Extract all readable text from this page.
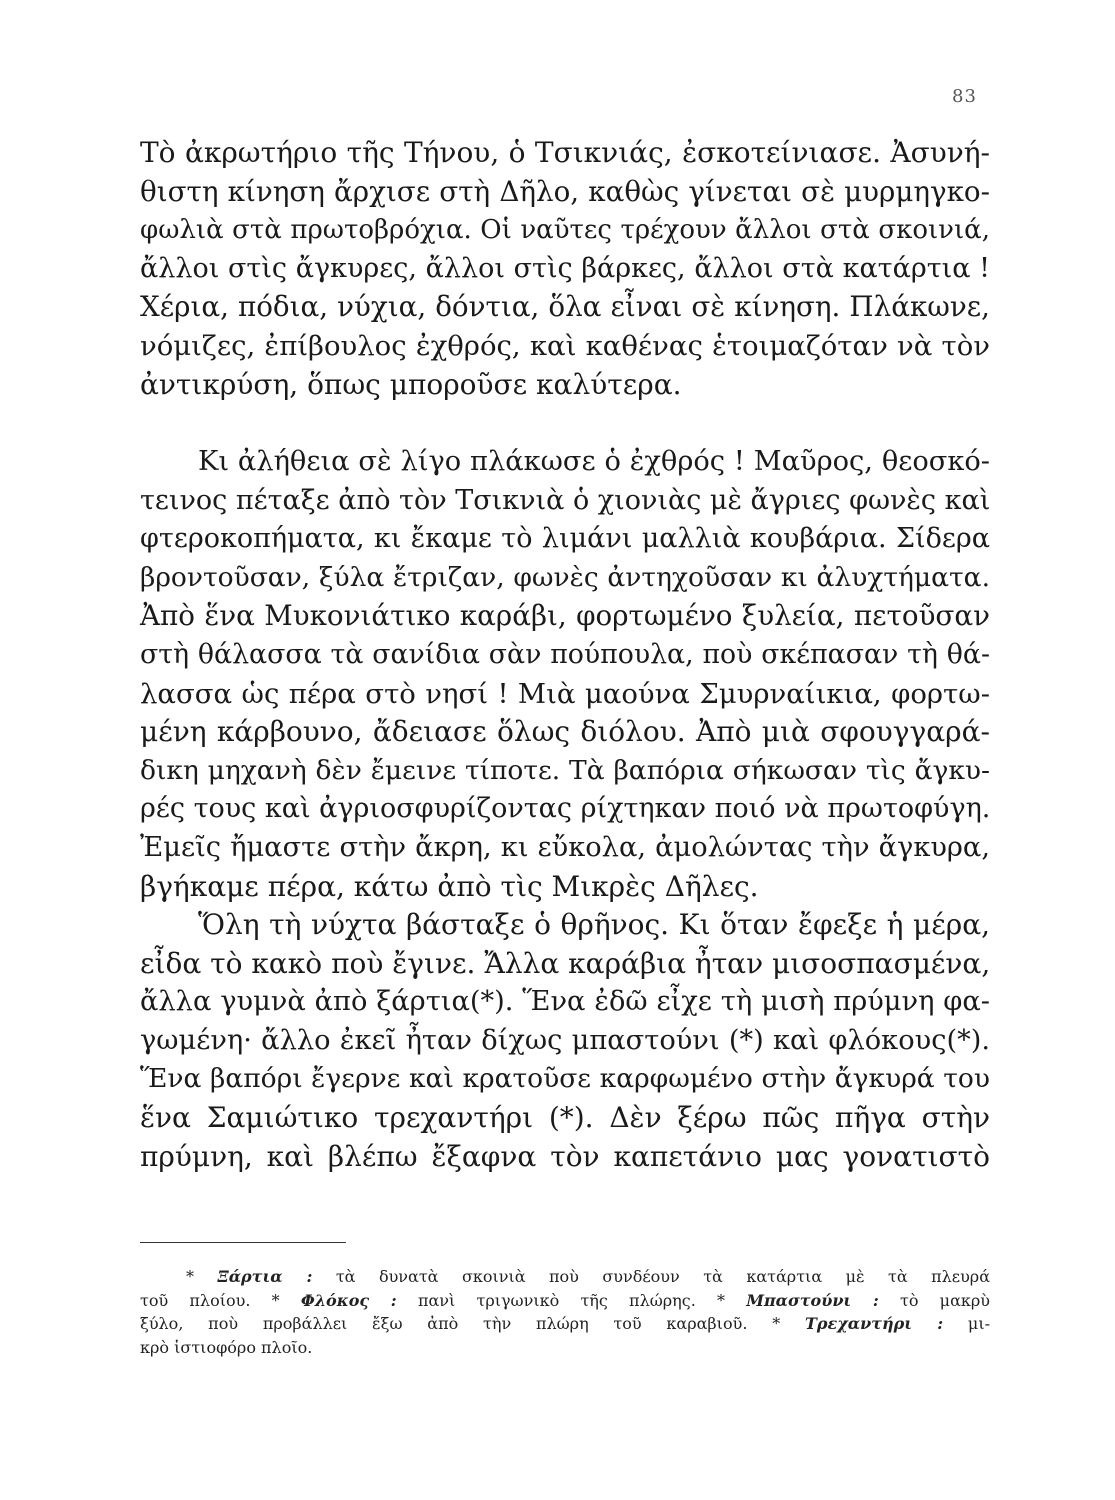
83
Τὸ ἀκρωτήριο τῆς Τήνου, ὁ Τσικνιάς, ἐσκοτείνιασε. Ἀσυνή-
θιστη κίνηση ἄρχισε στὴ Δῆλο, καθὼς γίνεται σὲ μυρμηγκο-
φωλιὰ στὰ πρωτοβρόχια. Οἱ ναῦτες τρέχουν ἄλλοι στὰ σκοινιά,
ἄλλοι στὶς ἄγκυρες, ἄλλοι στὶς βάρκες, ἄλλοι στὰ κατάρτια !
Χέρια, πόδια, νύχια, δόντια, ὅλα εἶναι σὲ κίνηση. Πλάκωνε,
νόμιζες, ἐπίβουλος ἐχθρός, καὶ καθένας ἑτοιμαζόταν νὰ τὸν
ἀντικρύση, ὅπως μποροῦσε καλύτερα.
Κι ἀλήθεια σὲ λίγο πλάκωσε ὁ ἐχθρός ! Μαῦρος, θεοσκό-
τεινος πέταξε ἀπὸ τὸν Τσικνιὰ ὁ χιονιὰς μὲ ἄγριες φωνὲς καὶ
φτεροκοπήματα, κι ἔκαμε τὸ λιμάνι μαλλιὰ κουβάρια. Σίδερα
βροντοῦσαν, ξύλα ἔτριζαν, φωνὲς ἀντηχοῦσαν κι ἀλυχτήματα.
Ἀπὸ ἕνα Μυκονιάτικο καράβι, φορτωμένο ξυλεία, πετοῦσαν
στὴ θάλασσα τὰ σανίδια σὰν πούπουλα, ποὺ σκέπασαν τὴ θά-
λασσα ὡς πέρα στὸ νησί ! Μιὰ μαούνα Σμυρναίικια, φορτω-
μένη κάρβουνο, ἄδειασε ὅλως διόλου. Ἀπὸ μιὰ σφουγγαρά-
δικη μηχανὴ δὲν ἔμεινε τίποτε. Τὰ βαπόρια σήκωσαν τὶς ἄγκυ-
ρές τους καὶ ἀγριοσφυρίζοντας ρίχτηκαν ποιό νὰ πρωτοφύγη.
Ἐμεῖς ἤμαστε στὴν ἄκρη, κι εὔκολα, ἀμολώντας τὴν ἄγκυρα,
βγήκαμε πέρα, κάτω ἀπὸ τὶς Μικρὲς Δῆλες.
Ὅλη τὴ νύχτα βάσταξε ὁ θρῆνος. Κι ὅταν ἔφεξε ἡ μέρα,
εἶδα τὸ κακὸ ποὺ ἔγινε. Ἄλλα καράβια ἦταν μισοσπασμένα,
ἄλλα γυμνὰ ἀπὸ ξάρτια(*). Ἕνα ἐδῶ εἶχε τὴ μισὴ πρύμνη φα-
γωμένη· ἄλλο ἐκεῖ ἦταν δίχως μπαστούνι (*) καὶ φλόκους(*).
Ἕνα βαπόρι ἔγερνε καὶ κρατοῦσε καρφωμένο στὴν ἄγκυρά του
ἕνα Σαμιώτικο τρεχαντήρι (*). Δὲν ξέρω πῶς πῆγα στὴν
πρύμνη, καὶ βλέπω ἔξαφνα τὸν καπετάνιο μας γονατιστὸ
* Ξάρτια : τὰ δυνατὰ σκοινιὰ ποὺ συνδέουν τὰ κατάρτια μὲ τὰ πλευρά
τοῦ πλοίου. * Φλόκος : πανὶ τριγωνικὸ τῆς πλώρης. * Μπαστούνι : τὸ μακρὺ
ξύλο, ποὺ προβάλλει ἔξω ἀπὸ τὴν πλώρη τοῦ καραβιοῦ. * Τρεχαντήρι : μι-
κρὸ ἱστιοφόρο πλοῖο.
